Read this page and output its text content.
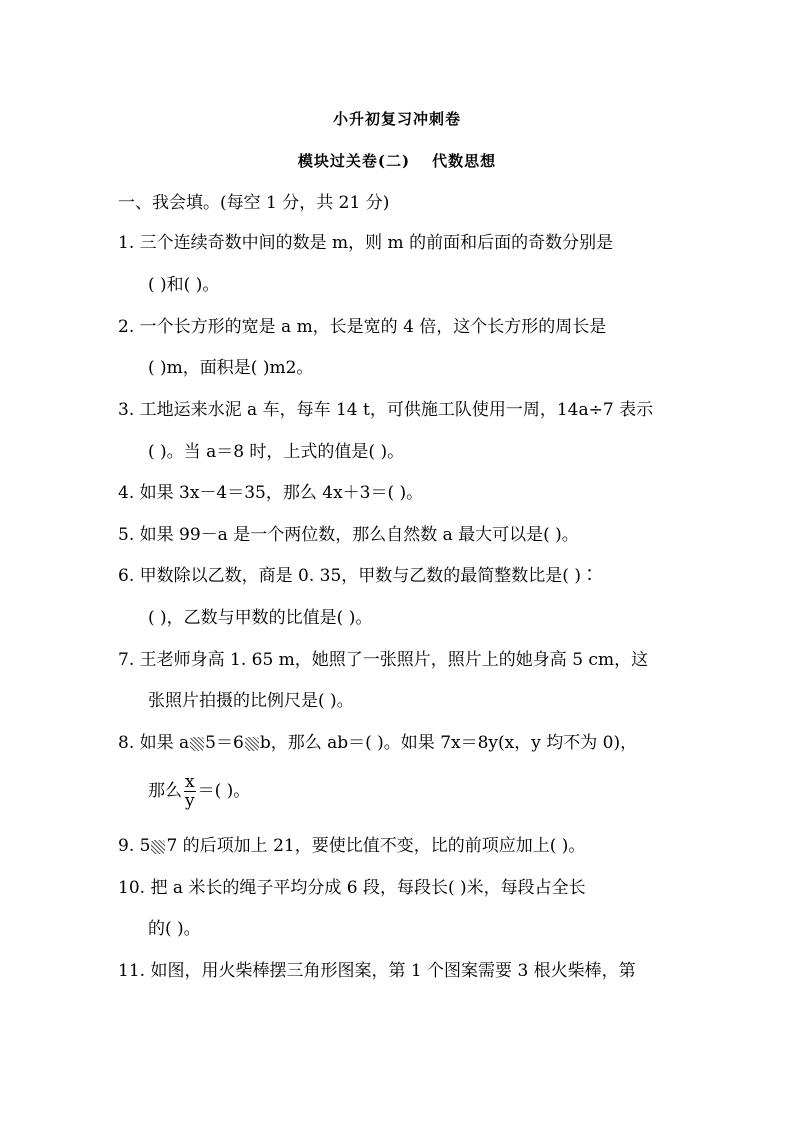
小升初复习冲刺卷
模块过关卷(二) 代数思想
一、我会填。(每空 1 分，共 21 分)
1. 三个连续奇数中间的数是 m，则 m 的前面和后面的奇数分别是
( )和( )。
2. 一个长方形的宽是 a m，长是宽的 4 倍，这个长方形的周长是
( )m，面积是( )m2。
3. 工地运来水泥 a 车，每车 14 t，可供施工队使用一周，14a÷7 表示
( )。当 a＝8 时，上式的值是( )。
4. 如果 3x－4＝35，那么 4x＋3＝( )。
5. 如果 99－a 是一个两位数，那么自然数 a 最大可以是( )。
6. 甲数除以乙数，商是 0. 35，甲数与乙数的最简整数比是( )∶
( )，乙数与甲数的比值是( )。
7. 王老师身高 1. 65 m，她照了一张照片，照片上的她身高 5 cm，这
张照片拍摄的比例尺是( )。
8. 如果 a 5＝6 b，那么 ab＝( )。如果 7x＝8y(x，y 均不为 0)，
那么 $\frac{x}{y}$ ＝( )。
9. 5 7 的后项加上 21，要使比值不变，比的前项应加上( )。
10. 把 a 米长的绳子平均分成 6 段，每段长( )米，每段占全长
的( )。
11. 如图，用火柴棒摆三角形图案，第 1 个图案需要 3 根火柴棒，第
